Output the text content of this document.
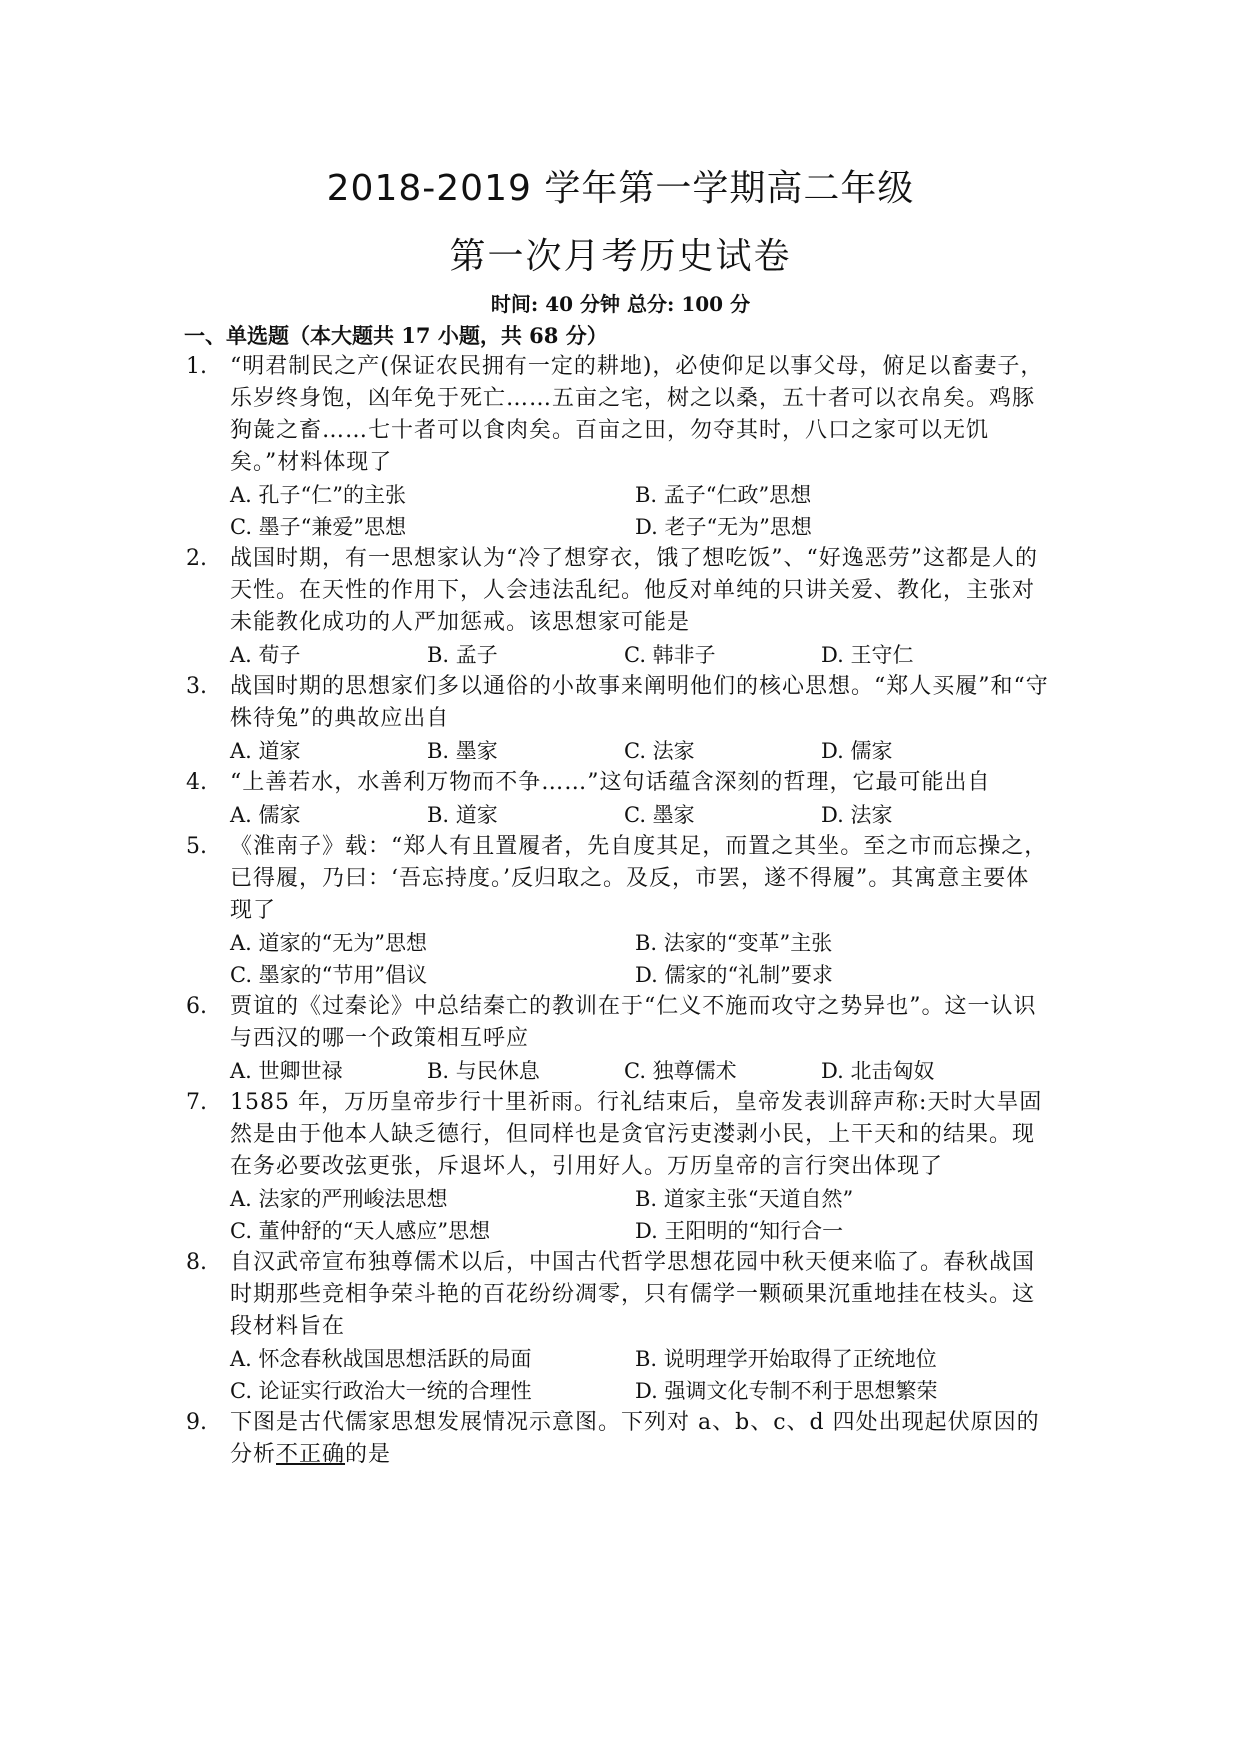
2018-2019 学年第一学期高二年级
第一次月考历史试卷
时间: 40 分钟 总分: 100 分
一、单选题（本大题共 17 小题，共 68 分）
1. “明君制民之产(保证农民拥有一定的耕地)，必使仰足以事父母，俯足以畜妻子，乐岁终身饱，凶年免于死亡……五亩之宅，树之以桑，五十者可以衣帛矣。鸡豚狗彘之畜……七十者可以食肉矣。百亩之田，勿夺其时，八口之家可以无饥矣。”材料体现了
A. 孔子“仁”的主张	B. 孟子“仁政”思想
C. 墨子“兼爱”思想	D. 老子“无为”思想
2. 战国时期，有一思想家认为“冷了想穿衣，饿了想吃饭”、“好逸恶劳”这都是人的天性。在天性的作用下，人会违法乱纪。他反对单纯的只讲关爱、教化，主张对未能教化成功的人严加惩戒。该思想家可能是
A. 荀子	B. 孟子	C. 韩非子	D. 王守仁
3. 战国时期的思想家们多以通俗的小故事来阐明他们的核心思想。“郑人买履”和“守株待兔”的典故应出自
A. 道家	B. 墨家	C. 法家	D. 儒家
4. “上善若水，水善利万物而不争……”这句话蕴含深刻的哲理，它最可能出自
A. 儒家	B. 道家	C. 墨家	D. 法家
5. 《淮南子》载：“郑人有且置履者，先自度其足，而置之其坐。至之市而忘操之，已得履，乃曰：‘吾忘持度。’反归取之。及反，市罢，遂不得履”。其寓意主要体现了
A. 道家的“无为”思想	B. 法家的“变革”主张
C. 墨家的“节用”倡议	D. 儒家的“礼制”要求
6. 贾谊的《过秦论》中总结秦亡的教训在于“仁义不施而攻守之势异也”。这一认识与西汉的哪一个政策相互呼应
A. 世卿世禄	B. 与民休息	C. 独尊儒术	D. 北击匈奴
7. 1585 年，万历皇帝步行十里祈雨。行礼结束后，皇帝发表训辞声称:天时大旱固然是由于他本人缺乏德行，但同样也是贪官污吏漤剥小民，上干天和的结果。现在务必要改弦更张，斥退坏人，引用好人。万历皇帝的言行突出体现了
A. 法家的严刑峻法思想	B. 道家主张“天道自然”
C. 董仲舒的“天人感应”思想	D. 王阳明的“知行合一
8. 自汉武帝宣布独尊儒术以后，中国古代哲学思想花园中秋天便来临了。春秋战国时期那些竞相争荣斗艳的百花纷纷凋零，只有儒学一颗硕果沉重地挂在枝头。这段材料旨在
A. 怀念春秋战国思想活跃的局面	B. 说明理学开始取得了正统地位
C. 论证实行政治大一统的合理性	D. 强调文化专制不利于思想繁荣
9. 下图是古代儒家思想发展情况示意图。下列对 a、b、c、d 四处出现起伏原因的分析不正确的是
